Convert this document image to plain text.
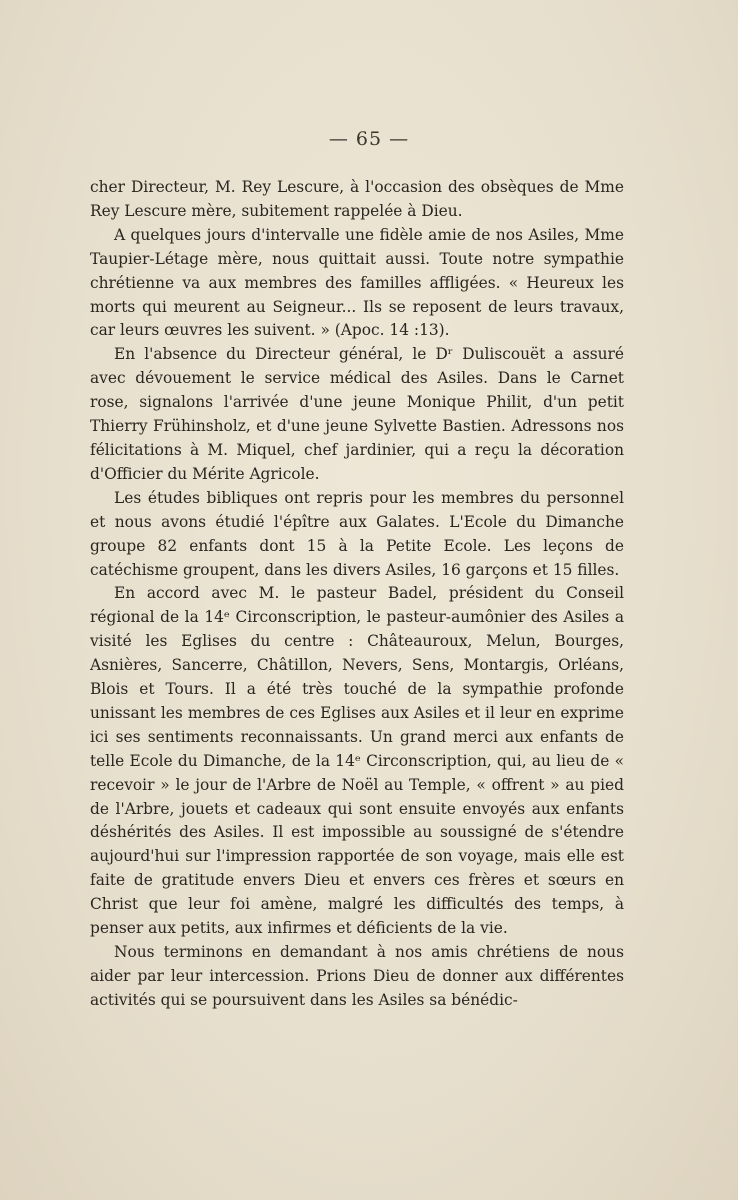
— 65 —

cher Directeur, M. Rey Lescure, à l'occasion des obsèques de Mme Rey Lescure mère, subitement rappelée à Dieu.

A quelques jours d'intervalle une fidèle amie de nos Asiles, Mme Taupier-Létage mère, nous quittait aussi. Toute notre sympathie chrétienne va aux membres des familles affligées. « Heureux les morts qui meurent au Seigneur... Ils se reposent de leurs travaux, car leurs œuvres les suivent. » (Apoc. 14 :13).

En l'absence du Directeur général, le Dʳ Duliscouët a assuré avec dévouement le service médical des Asiles. Dans le Carnet rose, signalons l'arrivée d'une jeune Monique Philit, d'un petit Thierry Frühinsholz, et d'une jeune Sylvette Bastien. Adressons nos félicitations à M. Miquel, chef jardinier, qui a reçu la décoration d'Officier du Mérite Agricole.

Les études bibliques ont repris pour les membres du personnel et nous avons étudié l'épître aux Galates. L'Ecole du Dimanche groupe 82 enfants dont 15 à la Petite Ecole. Les leçons de catéchisme groupent, dans les divers Asiles, 16 garçons et 15 filles.

En accord avec M. le pasteur Badel, président du Conseil régional de la 14ᵉ Circonscription, le pasteur-aumônier des Asiles a visité les Eglises du centre : Châteauroux, Melun, Bourges, Asnières, Sancerre, Châtillon, Nevers, Sens, Montargis, Orléans, Blois et Tours. Il a été très touché de la sympathie profonde unissant les membres de ces Eglises aux Asiles et il leur en exprime ici ses sentiments reconnaissants. Un grand merci aux enfants de telle Ecole du Dimanche, de la 14ᵉ Circonscription, qui, au lieu de « recevoir » le jour de l'Arbre de Noël au Temple, « offrent » au pied de l'Arbre, jouets et cadeaux qui sont ensuite envoyés aux enfants déshérités des Asiles. Il est impossible au soussigné de s'étendre aujourd'hui sur l'impression rapportée de son voyage, mais elle est faite de gratitude envers Dieu et envers ces frères et sœurs en Christ que leur foi amène, malgré les difficultés des temps, à penser aux petits, aux infirmes et déficients de la vie.

Nous terminons en demandant à nos amis chrétiens de nous aider par leur intercession. Prions Dieu de donner aux différentes activités qui se poursuivent dans les Asiles sa bénédic-
